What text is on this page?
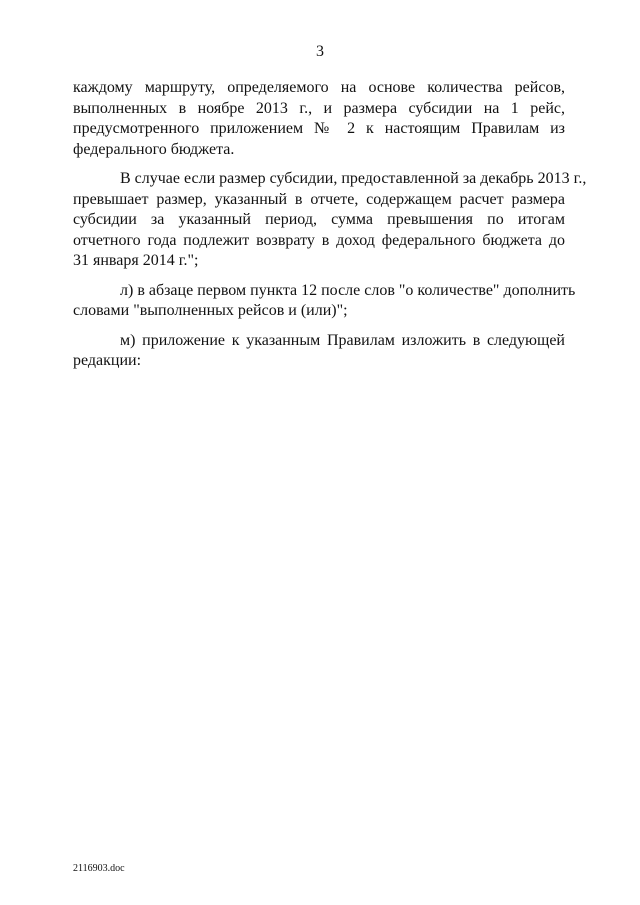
3
каждому маршруту, определяемого на основе количества рейсов,
выполненных в ноябре 2013 г., и размера субсидии на 1 рейс,
предусмотренного приложением № 2 к настоящим Правилам из
федерального бюджета.
В случае если размер субсидии, предоставленной за декабрь 2013 г.,
превышает размер, указанный в отчете, содержащем расчет размера
субсидии за указанный период, сумма превышения по итогам
отчетного года подлежит возврату в доход федерального бюджета до
31 января 2014 г.";
л) в абзаце первом пункта 12 после слов "о количестве" дополнить
словами "выполненных рейсов и (или)";
м) приложение к указанным Правилам изложить в следующей
редакции:
2116903.doc
